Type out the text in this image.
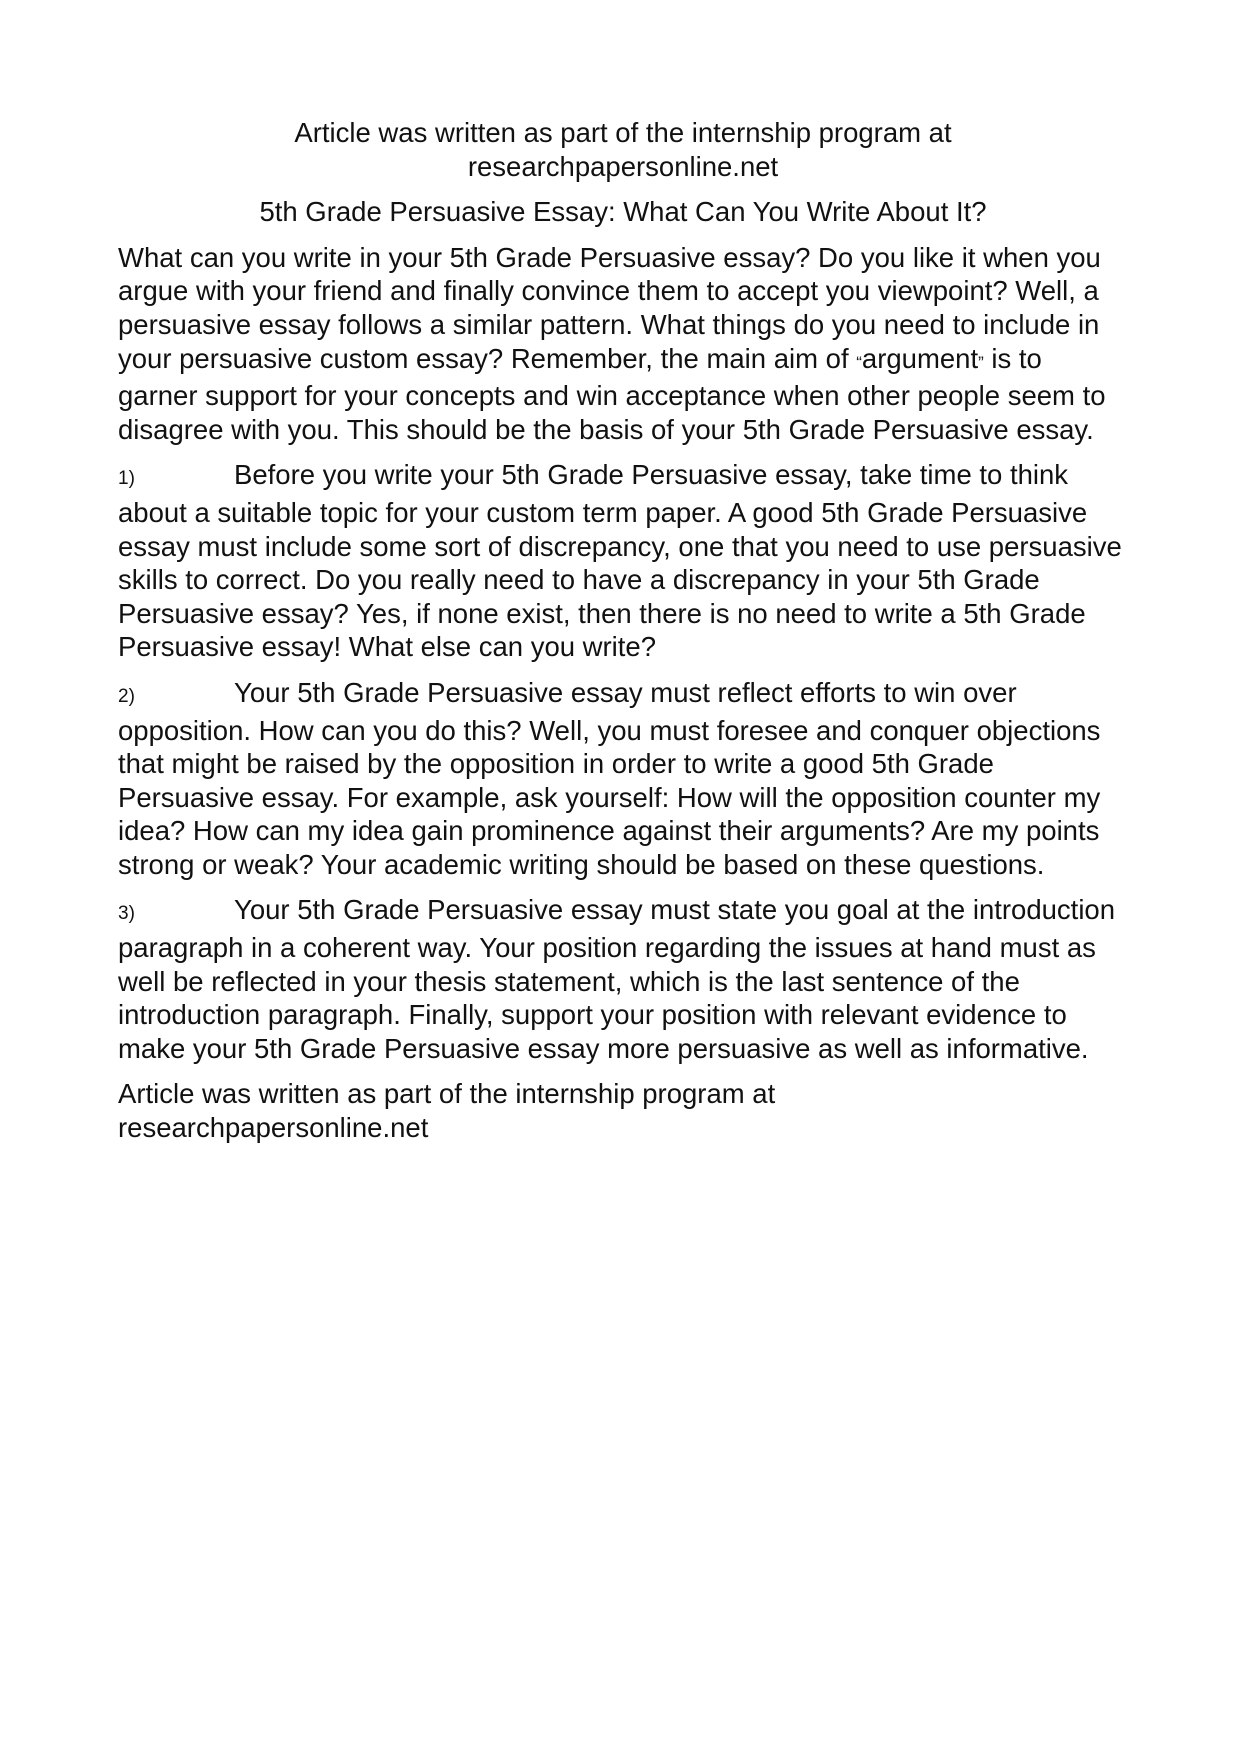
Article was written as part of the internship program at
researchpapersonline.net
5th Grade Persuasive Essay: What Can You Write About It?

What can you write in your 5th Grade Persuasive essay? Do you like it when you argue with your friend and finally convince them to accept you viewpoint? Well, a persuasive essay follows a similar pattern. What things do you need to include in your persuasive custom essay? Remember, the main aim of “argument” is to garner support for your concepts and win acceptance when other people seem to disagree with you. This should be the basis of your 5th Grade Persuasive essay.

1)	Before you write your 5th Grade Persuasive essay, take time to think about a suitable topic for your custom term paper. A good 5th Grade Persuasive essay must include some sort of discrepancy, one that you need to use persuasive skills to correct. Do you really need to have a discrepancy in your 5th Grade Persuasive essay? Yes, if none exist, then there is no need to write a 5th Grade Persuasive essay! What else can you write?

2)	Your 5th Grade Persuasive essay must reflect efforts to win over opposition. How can you do this? Well, you must foresee and conquer objections that might be raised by the opposition in order to write a good 5th Grade Persuasive essay. For example, ask yourself: How will the opposition counter my idea? How can my idea gain prominence against their arguments? Are my points strong or weak? Your academic writing should be based on these questions.

3)	Your 5th Grade Persuasive essay must state you goal at the introduction paragraph in a coherent way. Your position regarding the issues at hand must as well be reflected in your thesis statement, which is the last sentence of the introduction paragraph. Finally, support your position with relevant evidence to make your 5th Grade Persuasive essay more persuasive as well as informative.

Article was written as part of the internship program at
researchpapersonline.net
